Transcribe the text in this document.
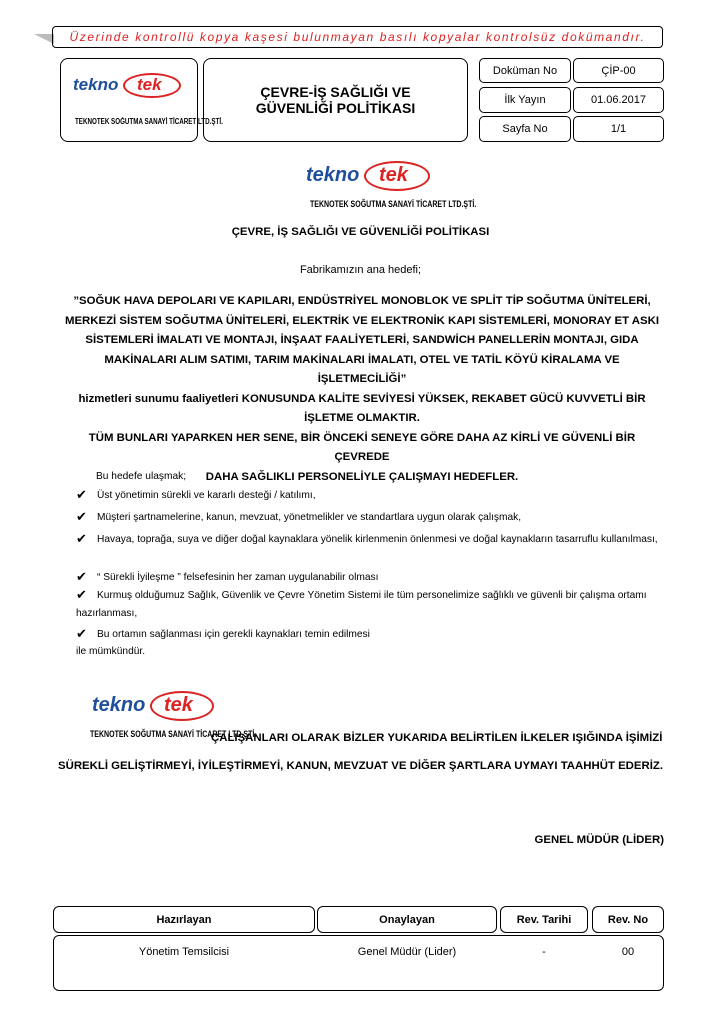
Üzerinde kontrollü kopya kaşesi bulunmayan basılı kopyalar kontrolsüz dokümandır.
tekno tek
TEKNOTEK SOĞUTMA SANAYİ TİCARET LTD.ŞTİ.
ÇEVRE-İŞ SAĞLIĞI VE GÜVENLİĞİ POLİTİKASI
Doküman No	ÇİP-00
İlk Yayın	01.06.2017
Sayfa No	1/1
tekno tek
TEKNOTEK SOĞUTMA SANAYİ TİCARET LTD.ŞTİ.
ÇEVRE, İŞ SAĞLIĞI VE GÜVENLİĞİ POLİTİKASI
Fabrikamızın ana hedefi;
”SOĞUK HAVA DEPOLARI VE KAPILARI, ENDÜSTRİYEL MONOBLOK VE SPLİT TİP SOĞUTMA ÜNİTELERİ,
MERKEZİ SİSTEM SOĞUTMA ÜNİTELERİ, ELEKTRİK VE ELEKTRONİK KAPI SİSTEMLERİ, MONORAY ET ASKI
SİSTEMLERİ İMALATI VE MONTAJI, İNŞAAT FAALİYETLERİ, SANDWİCH PANELLERİN MONTAJI, GIDA
MAKİNALARI ALIM SATIMI, TARIM MAKİNALARI İMALATI, OTEL VE TATİL KÖYÜ KİRALAMA VE İŞLETMECİLİĞİ”
hizmetleri sunumu faaliyetleri KONUSUNDA KALİTE SEVİYESİ YÜKSEK, REKABET GÜCÜ KUVVETLİ BİR
İŞLETME OLMAKTIR.
TÜM BUNLARI YAPARKEN HER SENE, BİR ÖNCEKİ SENEYE GÖRE DAHA AZ KİRLİ VE GÜVENLİ BİR ÇEVREDE
DAHA SAĞLIKLI PERSONELİYLE ÇALIŞMAYI HEDEFLER.
Bu hedefe ulaşmak;
✔ Üst yönetimin sürekli ve kararlı desteği / katılımı,
✔ Müşteri şartnamelerine, kanun, mevzuat, yönetmelikler ve standartlara uygun olarak çalışmak,
✔ Havaya, toprağa, suya ve diğer doğal kaynaklara yönelik kirlenmenin önlenmesi ve doğal kaynakların tasarruflu kullanılması,
✔ “ Sürekli İyileşme ” felsefesinin her zaman uygulanabilir olması
✔ Kurmuş olduğumuz Sağlık, Güvenlik ve Çevre Yönetim Sistemi ile tüm personelimize sağlıklı ve güvenli bir çalışma ortamı hazırlanması,
✔ Bu ortamın sağlanması için gerekli kaynakları temin edilmesi
ile mümkündür.
tekno tek
TEKNOTEK SOĞUTMA SANAYİ TİCARET LTD.ŞTİ.
ÇALIŞANLARI OLARAK BİZLER YUKARIDA BELİRTİLEN İLKELER IŞIĞINDA İŞİMİZİ
SÜREKLİ GELİŞTİRMEYİ, İYİLEŞTİRMEYİ, KANUN, MEVZUAT VE DİĞER ŞARTLARA UYMAYI TAAHHÜT EDERİZ.
GENEL MÜDÜR (LİDER)
Hazırlayan	Onaylayan	Rev. Tarihi	Rev. No
Yönetim Temsilcisi	Genel Müdür (Lider)	-	00
